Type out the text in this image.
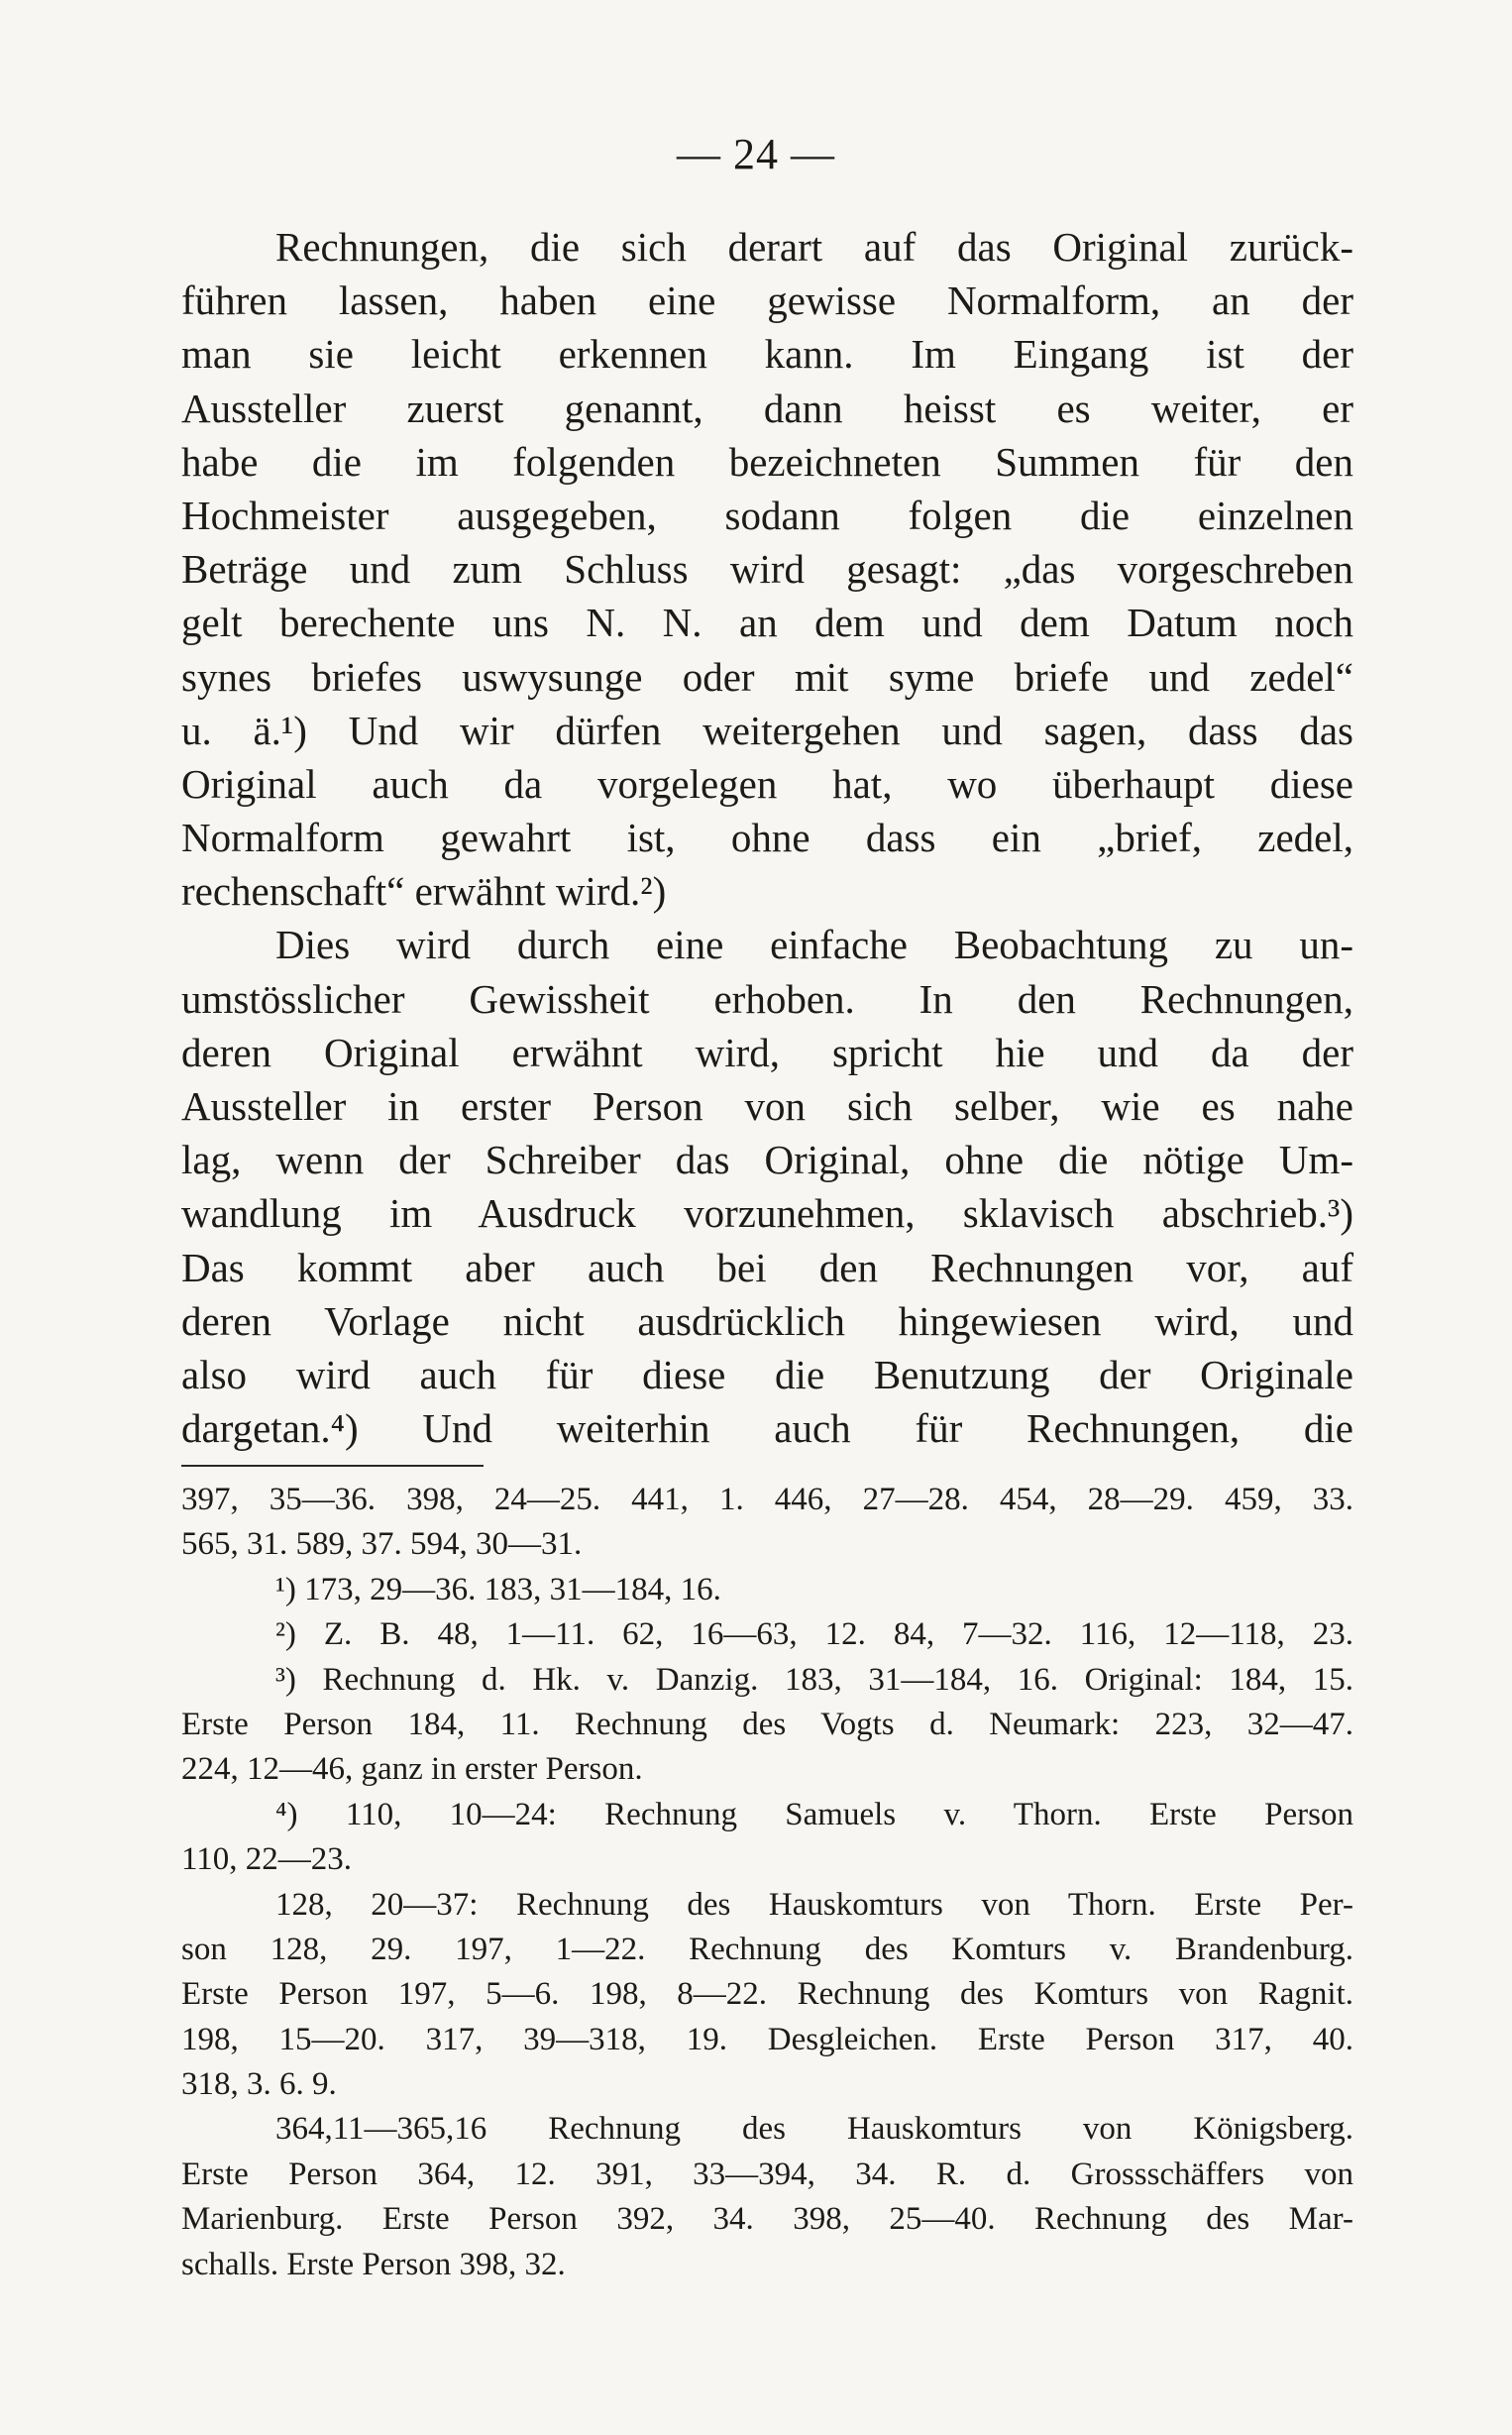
— 24 —
Rechnungen, die sich derart auf das Original zurück-
führen lassen, haben eine gewisse Normalform, an der
man sie leicht erkennen kann. Im Eingang ist der
Aussteller zuerst genannt, dann heisst es weiter, er
habe die im folgenden bezeichneten Summen für den
Hochmeister ausgegeben, sodann folgen die einzelnen
Beträge und zum Schluss wird gesagt: „das vorgeschreben
gelt berechente uns N. N. an dem und dem Datum noch
synes briefes uswysunge oder mit syme briefe und zedel“
u. ä.¹) Und wir dürfen weitergehen und sagen, dass das
Original auch da vorgelegen hat, wo überhaupt diese
Normalform gewahrt ist, ohne dass ein „brief, zedel,
rechenschaft“ erwähnt wird.²)
Dies wird durch eine einfache Beobachtung zu un-
umstösslicher Gewissheit erhoben. In den Rechnungen,
deren Original erwähnt wird, spricht hie und da der
Aussteller in erster Person von sich selber, wie es nahe
lag, wenn der Schreiber das Original, ohne die nötige Um-
wandlung im Ausdruck vorzunehmen, sklavisch abschrieb.³)
Das kommt aber auch bei den Rechnungen vor, auf
deren Vorlage nicht ausdrücklich hingewiesen wird, und
also wird auch für diese die Benutzung der Originale
dargetan.⁴) Und weiterhin auch für Rechnungen, die
397, 35—36. 398, 24—25. 441, 1. 446, 27—28. 454, 28—29. 459, 33.
565, 31. 589, 37. 594, 30—31.
¹) 173, 29—36. 183, 31—184, 16.
²) Z. B. 48, 1—11. 62, 16—63, 12. 84, 7—32. 116, 12—118, 23.
³) Rechnung d. Hk. v. Danzig. 183, 31—184, 16. Original: 184, 15.
Erste Person 184, 11. Rechnung des Vogts d. Neumark: 223, 32—47.
224, 12—46, ganz in erster Person.
⁴) 110, 10—24: Rechnung Samuels v. Thorn. Erste Person
110, 22—23.
128, 20—37: Rechnung des Hauskomturs von Thorn. Erste Per-
son 128, 29. 197, 1—22. Rechnung des Komturs v. Brandenburg.
Erste Person 197, 5—6. 198, 8—22. Rechnung des Komturs von Ragnit.
198, 15—20. 317, 39—318, 19. Desgleichen. Erste Person 317, 40.
318, 3. 6. 9.
364,11—365,16 Rechnung des Hauskomturs von Königsberg.
Erste Person 364, 12. 391, 33—394, 34. R. d. Grossschäffers von
Marienburg. Erste Person 392, 34. 398, 25—40. Rechnung des Mar-
schalls. Erste Person 398, 32.
